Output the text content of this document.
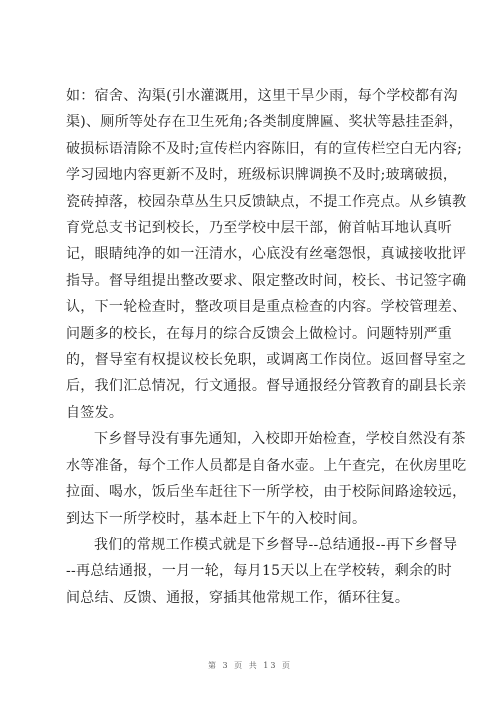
如：宿舍、沟渠(引水灌溉用，这里干旱少雨，每个学校都有沟
渠)、厕所等处存在卫生死角;各类制度牌匾、奖状等悬挂歪斜，
破损标语清除不及时;宣传栏内容陈旧，有的宣传栏空白无内容;
学习园地内容更新不及时，班级标识牌调换不及时;玻璃破损，
瓷砖掉落，校园杂草丛生只反馈缺点，不提工作亮点。从乡镇教
育党总支书记到校长，乃至学校中层干部，俯首帖耳地认真听
记，眼睛纯净的如一汪清水，心底没有丝毫怨恨，真诚接收批评
指导。督导组提出整改要求、限定整改时间，校长、书记签字确
认，下一轮检查时，整改项目是重点检查的内容。学校管理差、
问题多的校长，在每月的综合反馈会上做检讨。问题特别严重
的，督导室有权提议校长免职，或调离工作岗位。返回督导室之
后，我们汇总情况，行文通报。督导通报经分管教育的副县长亲
自签发。

下乡督导没有事先通知，入校即开始检查，学校自然没有茶
水等准备，每个工作人员都是自备水壶。上午查完，在伙房里吃
拉面、喝水，饭后坐车赶往下一所学校，由于校际间路途较远，
到达下一所学校时，基本赶上下午的入校时间。

我们的常规工作模式就是下乡督导--总结通报--再下乡督导
--再总结通报，一月一轮，每月15天以上在学校转，剩余的时
间总结、反馈、通报，穿插其他常规工作，循环往复。

第 3 页 共 13 页
